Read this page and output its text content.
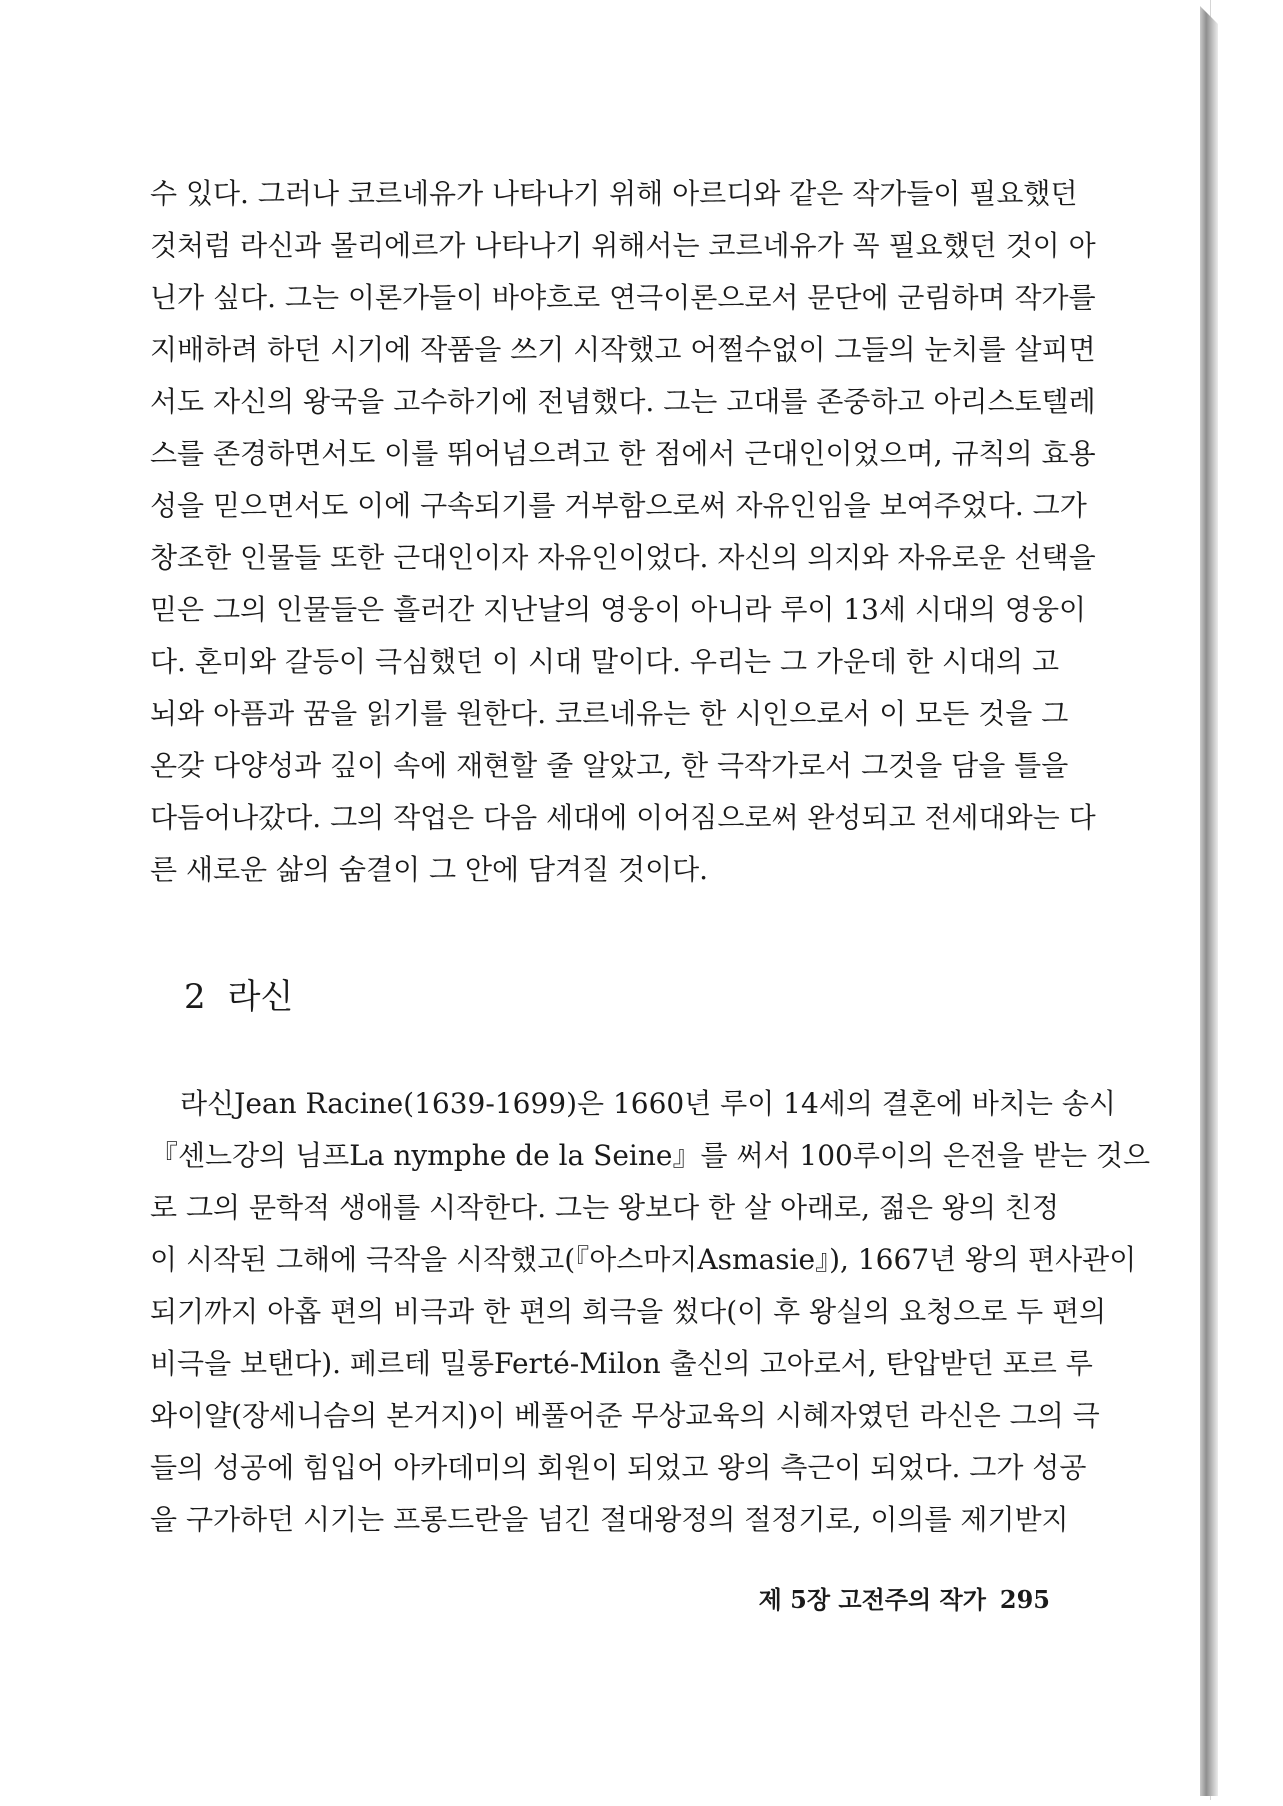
수 있다. 그러나 코르네유가 나타나기 위해 아르디와 같은 작가들이 필요했던
것처럼 라신과 몰리에르가 나타나기 위해서는 코르네유가 꼭 필요했던 것이 아
닌가 싶다. 그는 이론가들이 바야흐로 연극이론으로서 문단에 군림하며 작가를
지배하려 하던 시기에 작품을 쓰기 시작했고 어쩔수없이 그들의 눈치를 살피면
서도 자신의 왕국을 고수하기에 전념했다. 그는 고대를 존중하고 아리스토텔레
스를 존경하면서도 이를 뛰어넘으려고 한 점에서 근대인이었으며, 규칙의 효용
성을 믿으면서도 이에 구속되기를 거부함으로써 자유인임을 보여주었다. 그가
창조한 인물들 또한 근대인이자 자유인이었다. 자신의 의지와 자유로운 선택을
믿은 그의 인물들은 흘러간 지난날의 영웅이 아니라 루이 13세 시대의 영웅이
다. 혼미와 갈등이 극심했던 이 시대 말이다. 우리는 그 가운데 한 시대의 고
뇌와 아픔과 꿈을 읽기를 원한다. 코르네유는 한 시인으로서 이 모든 것을 그
온갖 다양성과 깊이 속에 재현할 줄 알았고, 한 극작가로서 그것을 담을 틀을
다듬어나갔다. 그의 작업은 다음 세대에 이어짐으로써 완성되고 전세대와는 다
른 새로운 삶의 숨결이 그 안에 담겨질 것이다.
2 라신
라신Jean Racine(1639-1699)은 1660년 루이 14세의 결혼에 바치는 송시
『센느강의 님프La nymphe de la Seine』를 써서 100루이의 은전을 받는 것으
로 그의 문학적 생애를 시작한다. 그는 왕보다 한 살 아래로, 젊은 왕의 친정
이 시작된 그해에 극작을 시작했고(『아스마지Asmasie』), 1667년 왕의 편사관이
되기까지 아홉 편의 비극과 한 편의 희극을 썼다(이 후 왕실의 요청으로 두 편의
비극을 보탠다). 페르테 밀롱Ferté-Milon 출신의 고아로서, 탄압받던 포르 루
와이얄(장세니슴의 본거지)이 베풀어준 무상교육의 시혜자였던 라신은 그의 극
들의 성공에 힘입어 아카데미의 회원이 되었고 왕의 측근이 되었다. 그가 성공
을 구가하던 시기는 프롱드란을 넘긴 절대왕정의 절정기로, 이의를 제기받지
제 5장 고전주의 작가 295
